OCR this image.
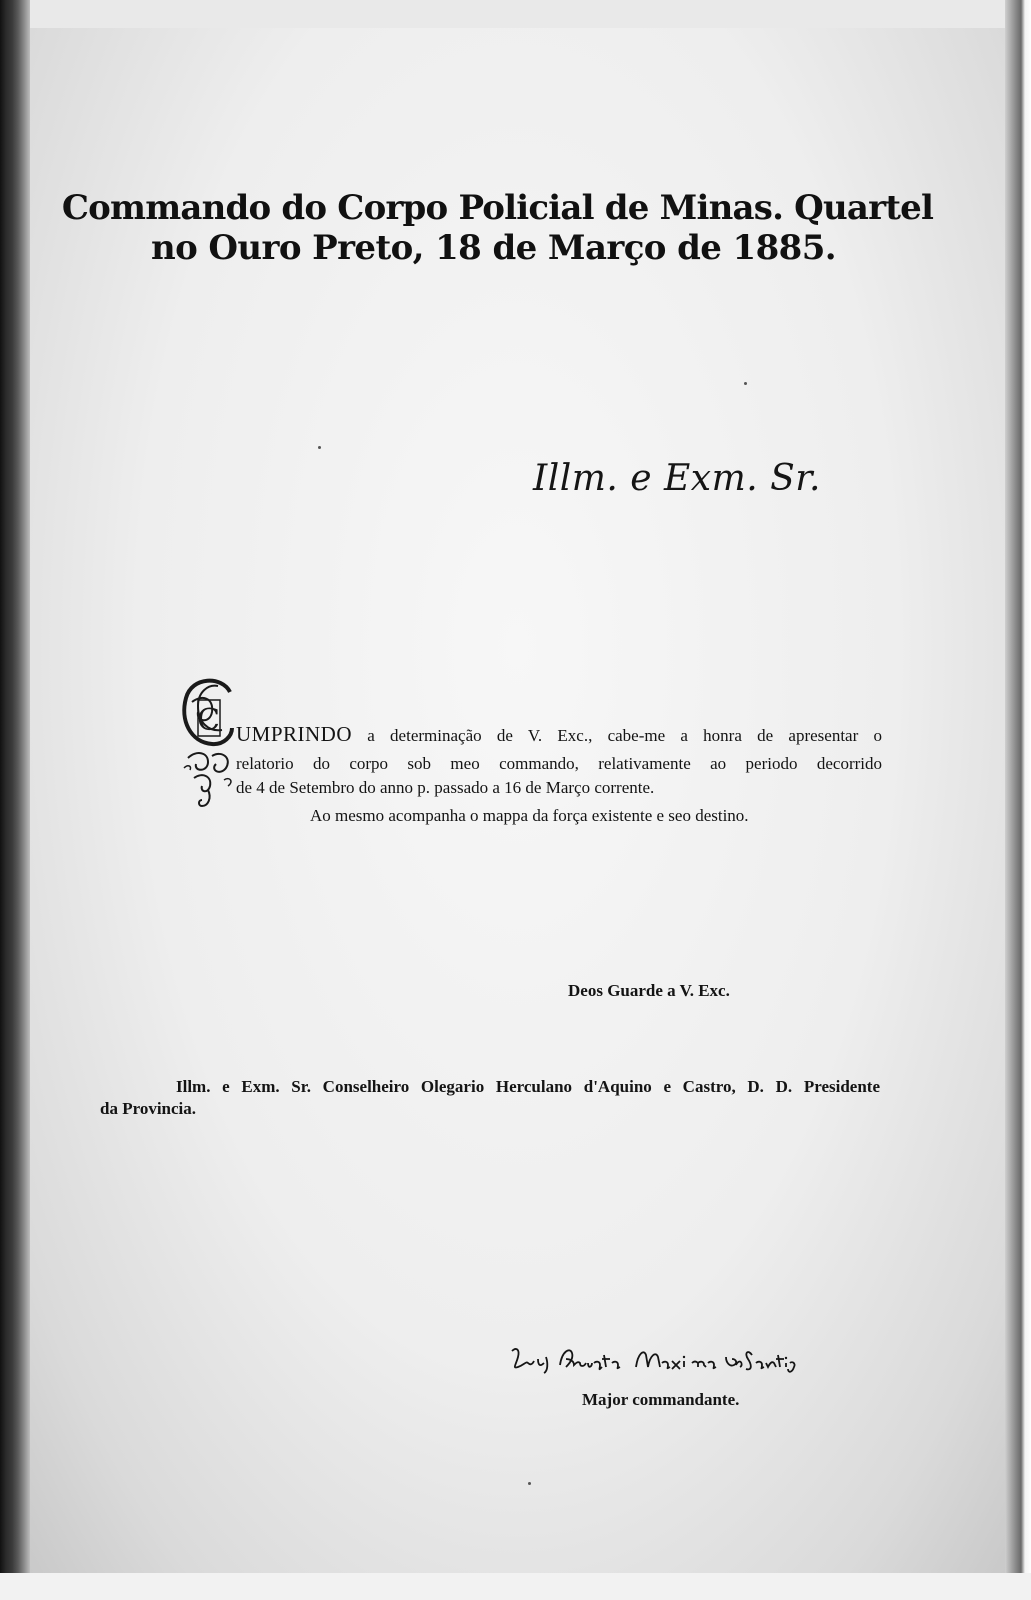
Commando do Corpo Policial de Minas. Quartel
no Ouro Preto, 18 de Março de 1885.
Illm. e Exm. Sr.
C UMPRINDO a determinação de V. Exc., cabe-me a honra de apresentar o
relatorio do corpo sob meo commando, relativamente ao periodo decorrido
de 4 de Setembro do anno p. passado a 16 de Março corrente.
Ao mesmo acompanha o mappa da força existente e seo destino.
Deos Guarde a V. Exc.
Illm. e Exm. Sr. Conselheiro Olegario Herculano d'Aquino e Castro, D. D. Presidente
da Provincia.
Major commandante.
